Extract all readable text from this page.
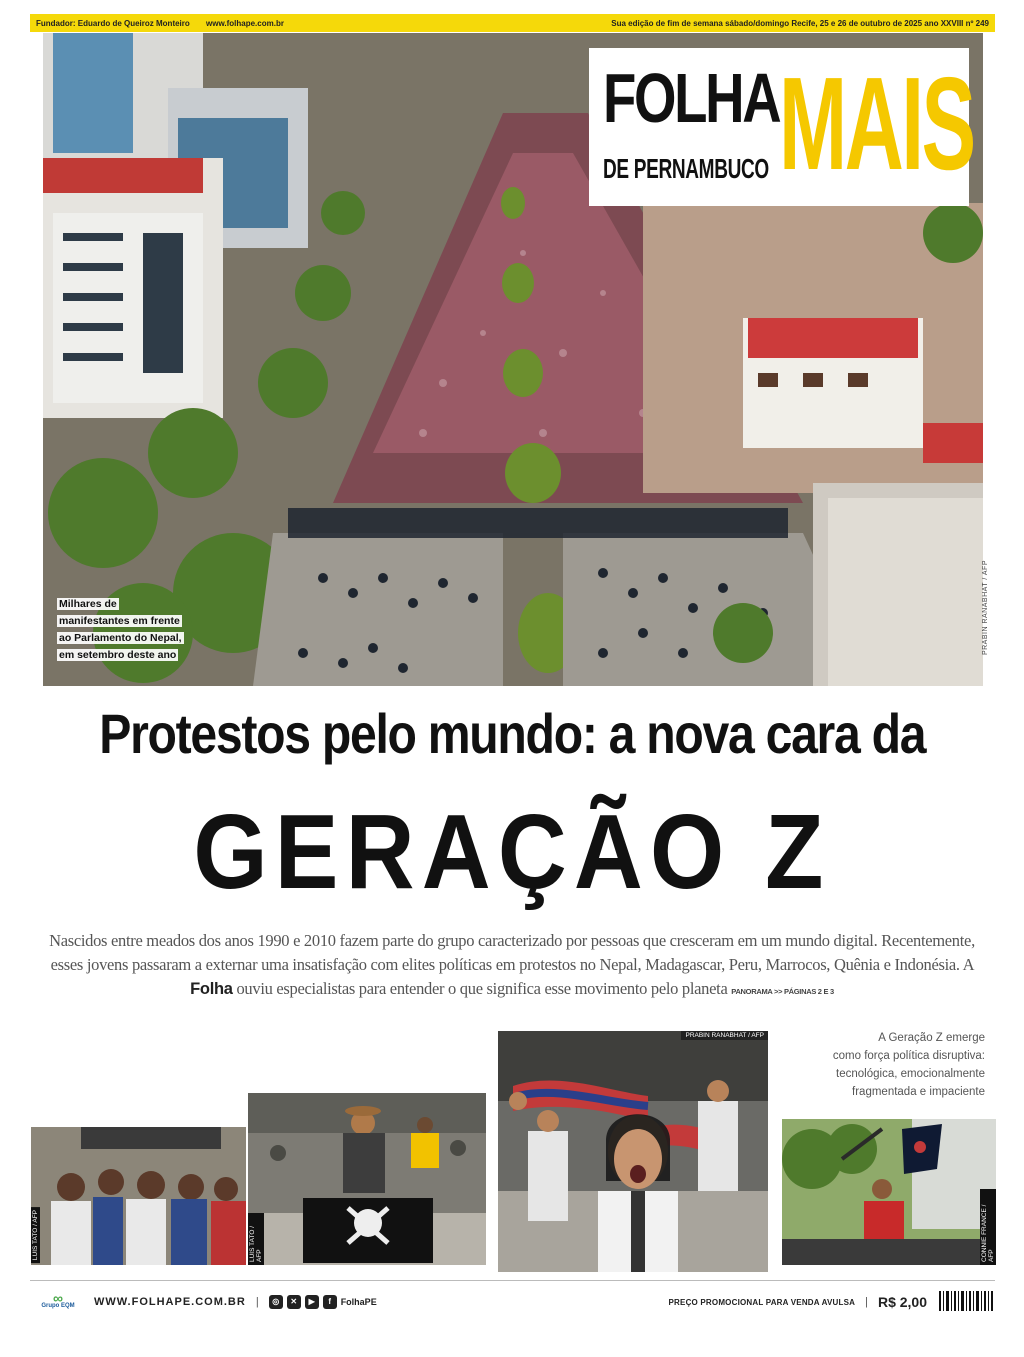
Fundador: Eduardo de Queiroz Monteiro www.folhape.com.br	Sua edição de fim de semana sábado/domingo Recife, 25 e 26 de outubro de 2025 ano XXVIII nº 249
Milhares de
manifestantes em frente
ao Parlamento do Nepal,
em setembro deste ano	PRABIN RANABHAT / AFP
FOLHA
DE PERNAMBUCO MAIS
Protestos pelo mundo: a nova cara da
GERAÇÃO Z
Nascidos entre meados dos anos 1990 e 2010 fazem parte do grupo caracterizado por pessoas que cresceram em um mundo digital. Recentemente, esses jovens passaram a externar uma insatisfação com elites políticas em protestos no Nepal, Madagascar, Peru, Marrocos, Quênia e Indonésia. A Folha ouviu especialistas para entender o que significa esse movimento pelo planeta PANORAMA >> PÁGINAS 2 E 3
LUIS TATO / AFP	LUIS TATO / AFP
PRABIN RANABHAT / AFP	A Geração Z emerge
como força política disruptiva:
tecnológica, emocionalmente
fragmentada e impaciente
CONNIE FRANCE / AFP
∞
Grupo EQM	WWW.FOLHAPE.COM.BR |	◎	✕	▶	f	FolhaPE	PREÇO PROMOCIONAL PARA VENDA AVULSA | R$ 2,00
